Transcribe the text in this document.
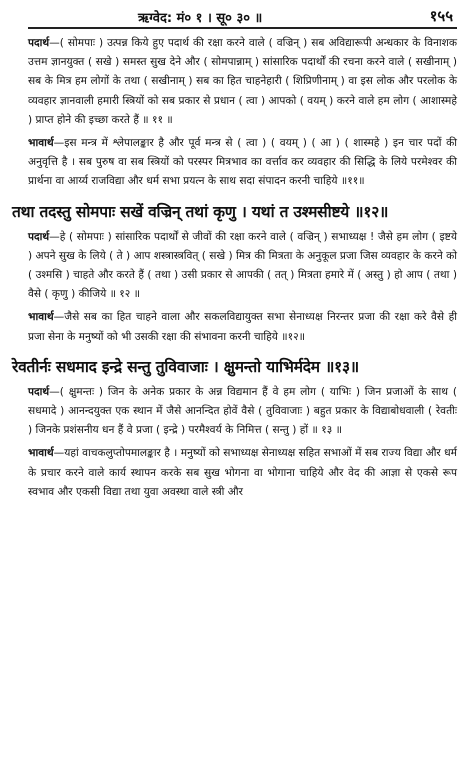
ऋग्वेद: मं० १ । सू० ३० ॥	१५५

पदार्थ—( सोमपाः ) उत्पन्न किये हुए पदार्थ की रक्षा करने वाले ( वज्रिन् ) सब अविद्यारूपी अन्धकार के विनाशक उत्तम ज्ञानयुक्त ( सखे ) समस्त सुख देने और ( सोमपान्नाम् ) सांसारिक पदार्थों की रचना करने वाले ( सखीनाम् ) सब के मित्र हम लोगों के तथा ( सखीनाम् ) सब का हित चाहनेहारी ( शिप्रिणीनाम् ) वा इस लोक और परलोक के व्यवहार ज्ञानवाली हमारी स्त्रियों को सब प्रकार से प्रधान ( त्वा ) आपको ( वयम् ) करने वाले हम लोग ( आशास्महे ) प्राप्त होने की इच्छा करते हैं ॥ ११ ॥

भावार्थ—इस मन्त्र में श्लेपालङ्कार है और पूर्व मन्त्र से ( त्वा ) ( वयम् ) ( आ ) ( शास्महे ) इन चार पदों की अनुवृत्ति है । सब पुरुष वा सब स्त्रियों को परस्पर मित्रभाव का वर्त्ताव कर व्यवहार की सिद्धि के लिये परमेश्वर की प्रार्थना वा आर्य्य राजविद्या और धर्म सभा प्रयत्न के साथ सदा संपादन करनी चाहिये ॥११॥

तथा तदस्तु सोमपाः सखें वज्रिन् तथां कृणु । यथां त उश्मसीष्टये ॥१२॥

पदार्थ—हे ( सोमपाः ) सांसारिक पदार्थों से जीवों की रक्षा करने वाले ( वज्रिन् ) सभाध्यक्ष ! जैसे हम लोग ( इष्टये ) अपने सुख के लिये ( ते ) आप शस्त्रास्त्रवित् ( सखे ) मित्र की मित्रता के अनुकूल प्रजा जिस व्यवहार के करने को ( उश्मसि ) चाहते और करते हैं ( तथा ) उसी प्रकार से आपकी ( तत् ) मित्रता हमारे में ( अस्तु ) हो आप ( तथा ) वैसे ( कृणु ) कीजिये ॥ १२ ॥

भावार्थ—जैसे सब का हित चाहने वाला और सकलविद्यायुक्त सभा सेनाध्यक्ष निरन्तर प्रजा की रक्षा करे वैसे ही प्रजा सेना के मनुष्यों को भी उसकी रक्षा की संभावना करनी चाहिये ॥१२॥

रेवतीर्नः सधमाद इन्द्रे सन्तु तुविवाजाः । क्षुमन्तो याभिर्मदेम ॥१३॥

पदार्थ—( क्षुमन्तः ) जिन के अनेक प्रकार के अन्न विद्यमान हैं वे हम लोग ( याभिः ) जिन प्रजाओं के साथ ( सधमादे ) आनन्दयुक्त एक स्थान में जैसे आनन्दित होवें वैसे ( तुविवाजाः ) बहुत प्रकार के विद्याबोधवाली ( रेवतीः ) जिनके प्रशंसनीय धन हैं वे प्रजा ( इन्द्रे ) परमैश्वर्य के निमित्त ( सन्तु ) हों ॥ १३ ॥

भावार्थ—यहां वाचकलुप्तोपमालङ्कार है । मनुष्यों को सभाध्यक्ष सेनाध्यक्ष सहित सभाओं में सब राज्य विद्या और धर्म के प्रचार करने वाले कार्य स्थापन करके सब सुख भोगना वा भोगाना चाहिये और वेद की आज्ञा से एकसे रूप स्वभाव और एकसी विद्या तथा युवा अवस्था वाले स्त्री और
